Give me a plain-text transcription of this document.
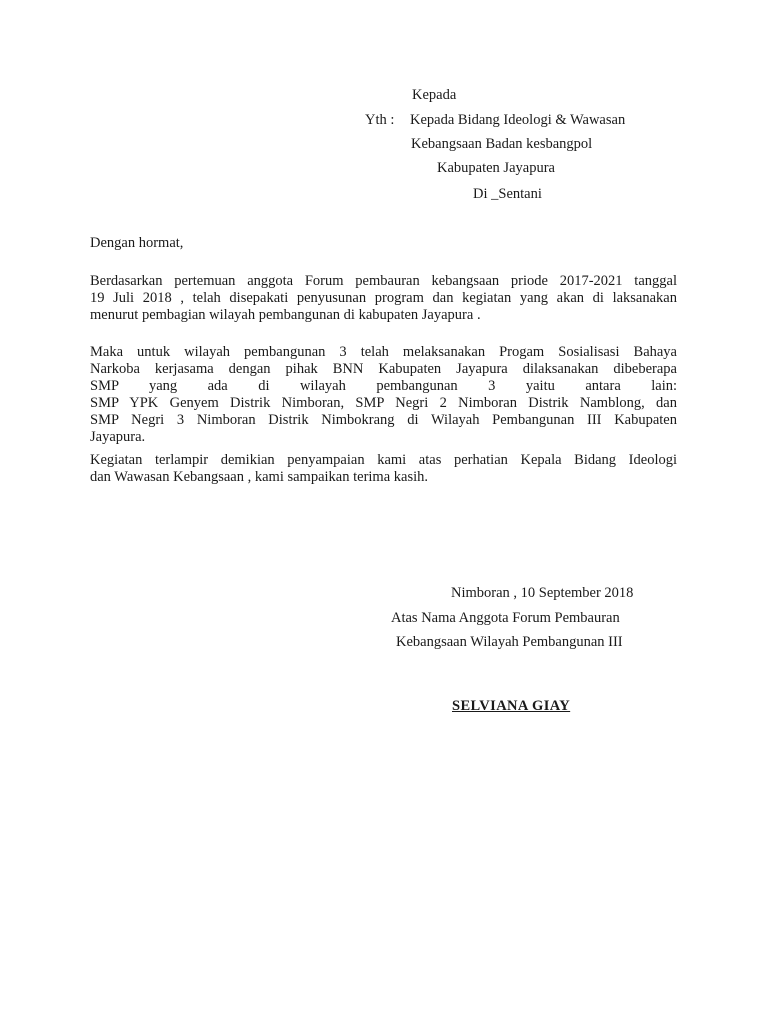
Kepada
Yth : Kepada Bidang Ideologi & Wawasan
Kebangsaan Badan kesbangpol
Kabupaten Jayapura
Di _Sentani
Dengan hormat,
Berdasarkan pertemuan anggota Forum pembauran kebangsaan priode 2017-2021 tanggal
19 Juli 2018 , telah disepakati penyusunan program dan kegiatan yang akan di laksanakan
menurut pembagian wilayah pembangunan di kabupaten Jayapura .
Maka untuk wilayah pembangunan 3 telah melaksanakan Progam Sosialisasi Bahaya
Narkoba kerjasama dengan pihak BNN Kabupaten Jayapura dilaksanakan dibeberapa
SMP yang ada di wilayah pembangunan 3 yaitu antara lain:
SMP YPK Genyem Distrik Nimboran, SMP Negri 2 Nimboran Distrik Namblong, dan
SMP Negri 3 Nimboran Distrik Nimbokrang di Wilayah Pembangunan III Kabupaten
Jayapura.
Kegiatan terlampir demikian penyampaian kami atas perhatian Kepala Bidang Ideologi
dan Wawasan Kebangsaan , kami sampaikan terima kasih.
Nimboran , 10 September 2018
Atas Nama Anggota Forum Pembauran
Kebangsaan Wilayah Pembangunan III
SELVIANA GIAY
